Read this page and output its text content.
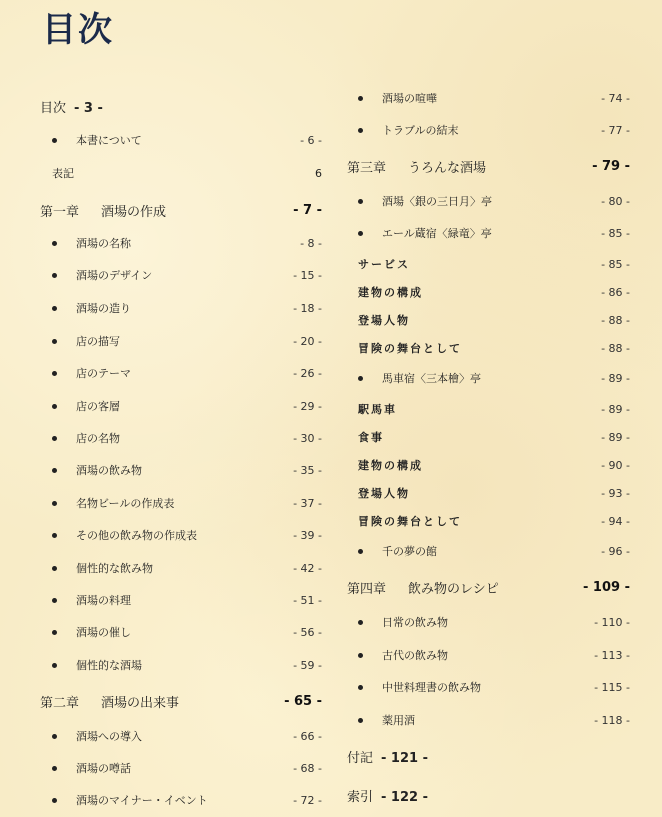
目次
目次 - 3 -
本書について	- 6 -
表記	6
第一章 酒場の作成	- 7 -
酒場の名称	- 8 -
酒場のデザイン	- 15 -
酒場の造り	- 18 -
店の描写	- 20 -
店のテーマ	- 26 -
店の客層	- 29 -
店の名物	- 30 -
酒場の飲み物	- 35 -
名物ビールの作成表	- 37 -
その他の飲み物の作成表	- 39 -
個性的な飲み物	- 42 -
酒場の料理	- 51 -
酒場の催し	- 56 -
個性的な酒場	- 59 -
第二章 酒場の出来事	- 65 -
酒場への導入	- 66 -
酒場の噂話	- 68 -
酒場のマイナー・イベント	- 72 -
酒場の喧嘩	- 74 -
トラブルの結末	- 77 -
第三章 うろんな酒場	- 79 -
酒場〈銀の三日月〉亭	- 80 -
エール蔵宿〈緑竜〉亭	- 85 -
サービス	- 85 -
建物の構成	- 86 -
登場人物	- 88 -
冒険の舞台として	- 88 -
馬車宿〈三本檜〉亭	- 89 -
駅馬車	- 89 -
食事	- 89 -
建物の構成	- 90 -
登場人物	- 93 -
冒険の舞台として	- 94 -
千の夢の館	- 96 -
第四章 飲み物のレシピ	- 109 -
日常の飲み物	- 110 -
古代の飲み物	- 113 -
中世料理書の飲み物	- 115 -
薬用酒	- 118 -
付記 - 121 -
索引 - 122 -
